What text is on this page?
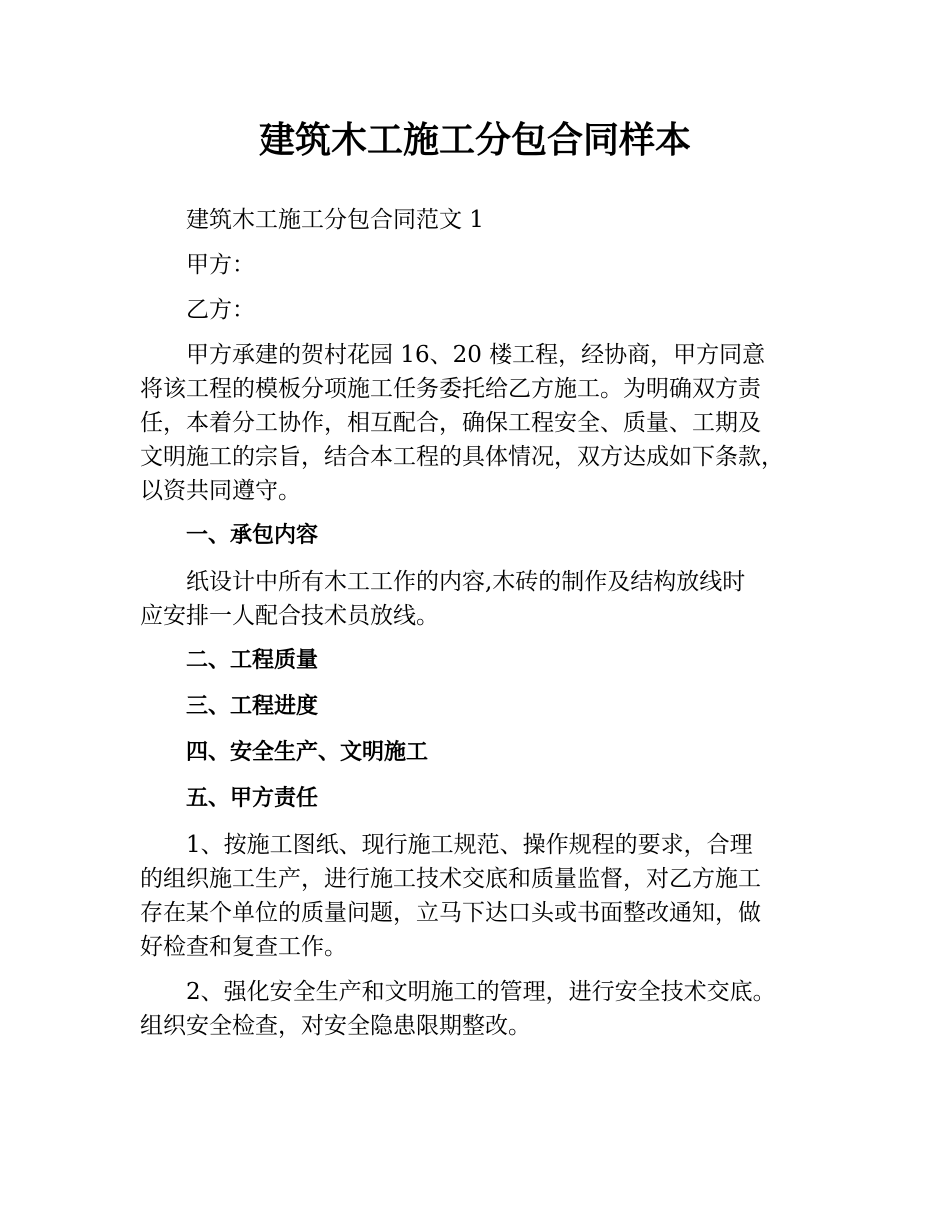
建筑木工施工分包合同样本
建筑木工施工分包合同范文 1
甲方：
乙方：
甲方承建的贺村花园 16、20 楼工程，经协商，甲方同意
将该工程的模板分项施工任务委托给乙方施工。为明确双方责
任，本着分工协作，相互配合，确保工程安全、质量、工期及
文明施工的宗旨，结合本工程的具体情况，双方达成如下条款，
以资共同遵守。
一、承包内容
纸设计中所有木工工作的内容,木砖的制作及结构放线时
应安排一人配合技术员放线。
二、工程质量
三、工程进度
四、安全生产、文明施工
五、甲方责任
1、按施工图纸、现行施工规范、操作规程的要求，合理
的组织施工生产，进行施工技术交底和质量监督，对乙方施工
存在某个单位的质量问题，立马下达口头或书面整改通知，做
好检查和复查工作。
2、强化安全生产和文明施工的管理，进行安全技术交底。
组织安全检查，对安全隐患限期整改。
